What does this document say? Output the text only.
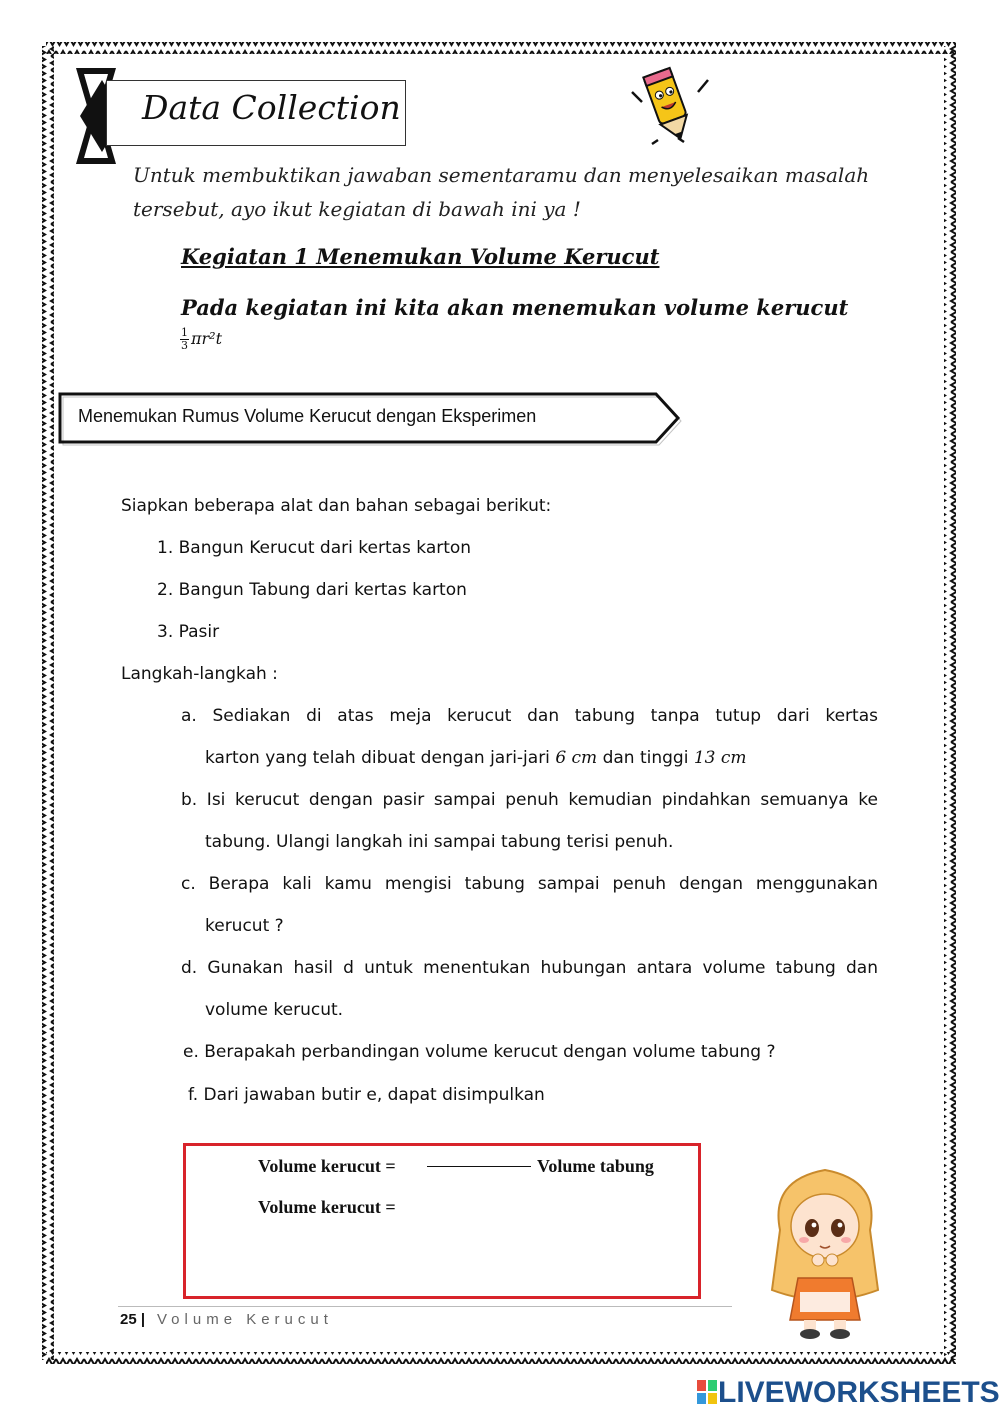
Data Collection
Untuk membuktikan jawaban sementaramu dan menyelesaikan masalah
tersebut, ayo ikut kegiatan di bawah ini ya !
Kegiatan 1 Menemukan Volume Kerucut
Pada kegiatan ini kita akan menemukan volume kerucut
$\frac{1}{3} \pi r^2t$
Menemukan Rumus Volume Kerucut dengan Eksperimen
Siapkan beberapa alat dan bahan sebagai berikut:
1. Bangun Kerucut dari kertas karton
2. Bangun Tabung dari kertas karton
3. Pasir
Langkah-langkah :
a. Sediakan di atas meja kerucut dan tabung tanpa tutup dari kertas
karton yang telah dibuat dengan jari-jari 6 cm dan tinggi 13 cm
b. Isi kerucut dengan pasir sampai penuh kemudian pindahkan semuanya ke
tabung. Ulangi langkah ini sampai tabung terisi penuh.
c. Berapa kali kamu mengisi tabung sampai penuh dengan menggunakan
kerucut ?
d. Gunakan hasil d untuk menentukan hubungan antara volume tabung dan
volume kerucut.
e. Berapakah perbandingan volume kerucut dengan volume tabung ?
f. Dari jawaban butir e, dapat disimpulkan
Volume kerucut =	Volume tabung
Volume kerucut =
25 | Volume Kerucut
LIVEWORKSHEETS
